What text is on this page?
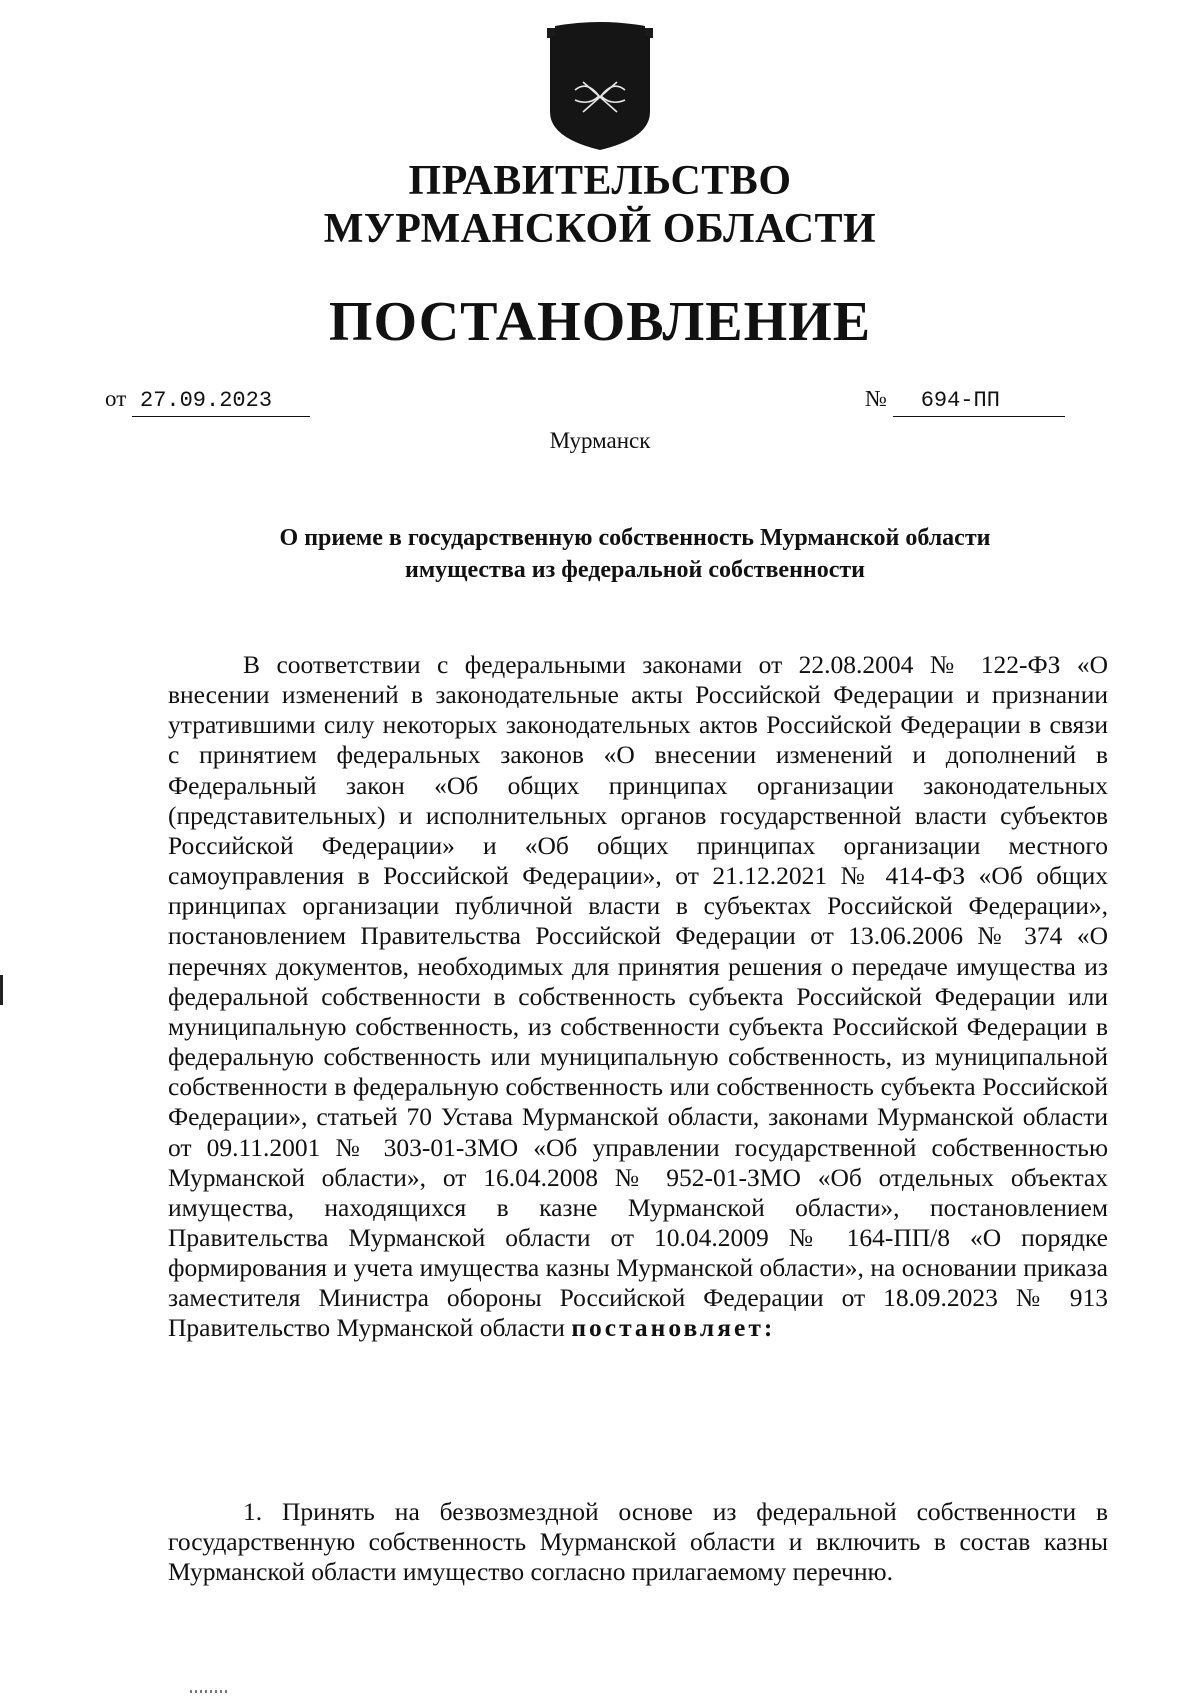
ПРАВИТЕЛЬСТВО
МУРМАНСКОЙ ОБЛАСТИ
ПОСТАНОВЛЕНИЕ
от 27.09.2023	№ 694-ПП
Мурманск
О приеме в государственную собственность Мурманской области
имущества из федеральной собственности

В соответствии с федеральными законами от 22.08.2004 № 122-ФЗ «О внесении изменений в законодательные акты Российской Федерации и признании утратившими силу некоторых законодательных актов Российской Федерации в связи с принятием федеральных законов «О внесении изменений и дополнений в Федеральный закон «Об общих принципах организации законодательных (представительных) и исполнительных органов государственной власти субъектов Российской Федерации» и «Об общих принципах организации местного самоуправления в Российской Федерации», от 21.12.2021 № 414-ФЗ «Об общих принципах организации публичной власти в субъектах Российской Федерации», постановлением Правительства Российской Федерации от 13.06.2006 № 374 «О перечнях документов, необходимых для принятия решения о передаче имущества из федеральной собственности в собственность субъекта Российской Федерации или муниципальную собственность, из собственности субъекта Российской Федерации в федеральную собственность или муниципальную собственность, из муниципальной собственности в федеральную собственность или собственность субъекта Российской Федерации», статьей 70 Устава Мурманской области, законами Мурманской области от 09.11.2001 № 303-01-ЗМО «Об управлении государственной собственностью Мурманской области», от 16.04.2008 № 952-01-ЗМО «Об отдельных объектах имущества, находящихся в казне Мурманской области», постановлением Правительства Мурманской области от 10.04.2009 № 164-ПП/8 «О порядке формирования и учета имущества казны Мурманской области», на основании приказа заместителя Министра обороны Российской Федерации от 18.09.2023 № 913 Правительство Мурманской области постановляет:

1. Принять на безвозмездной основе из федеральной собственности в государственную собственность Мурманской области и включить в состав казны Мурманской области имущество согласно прилагаемому перечню.
